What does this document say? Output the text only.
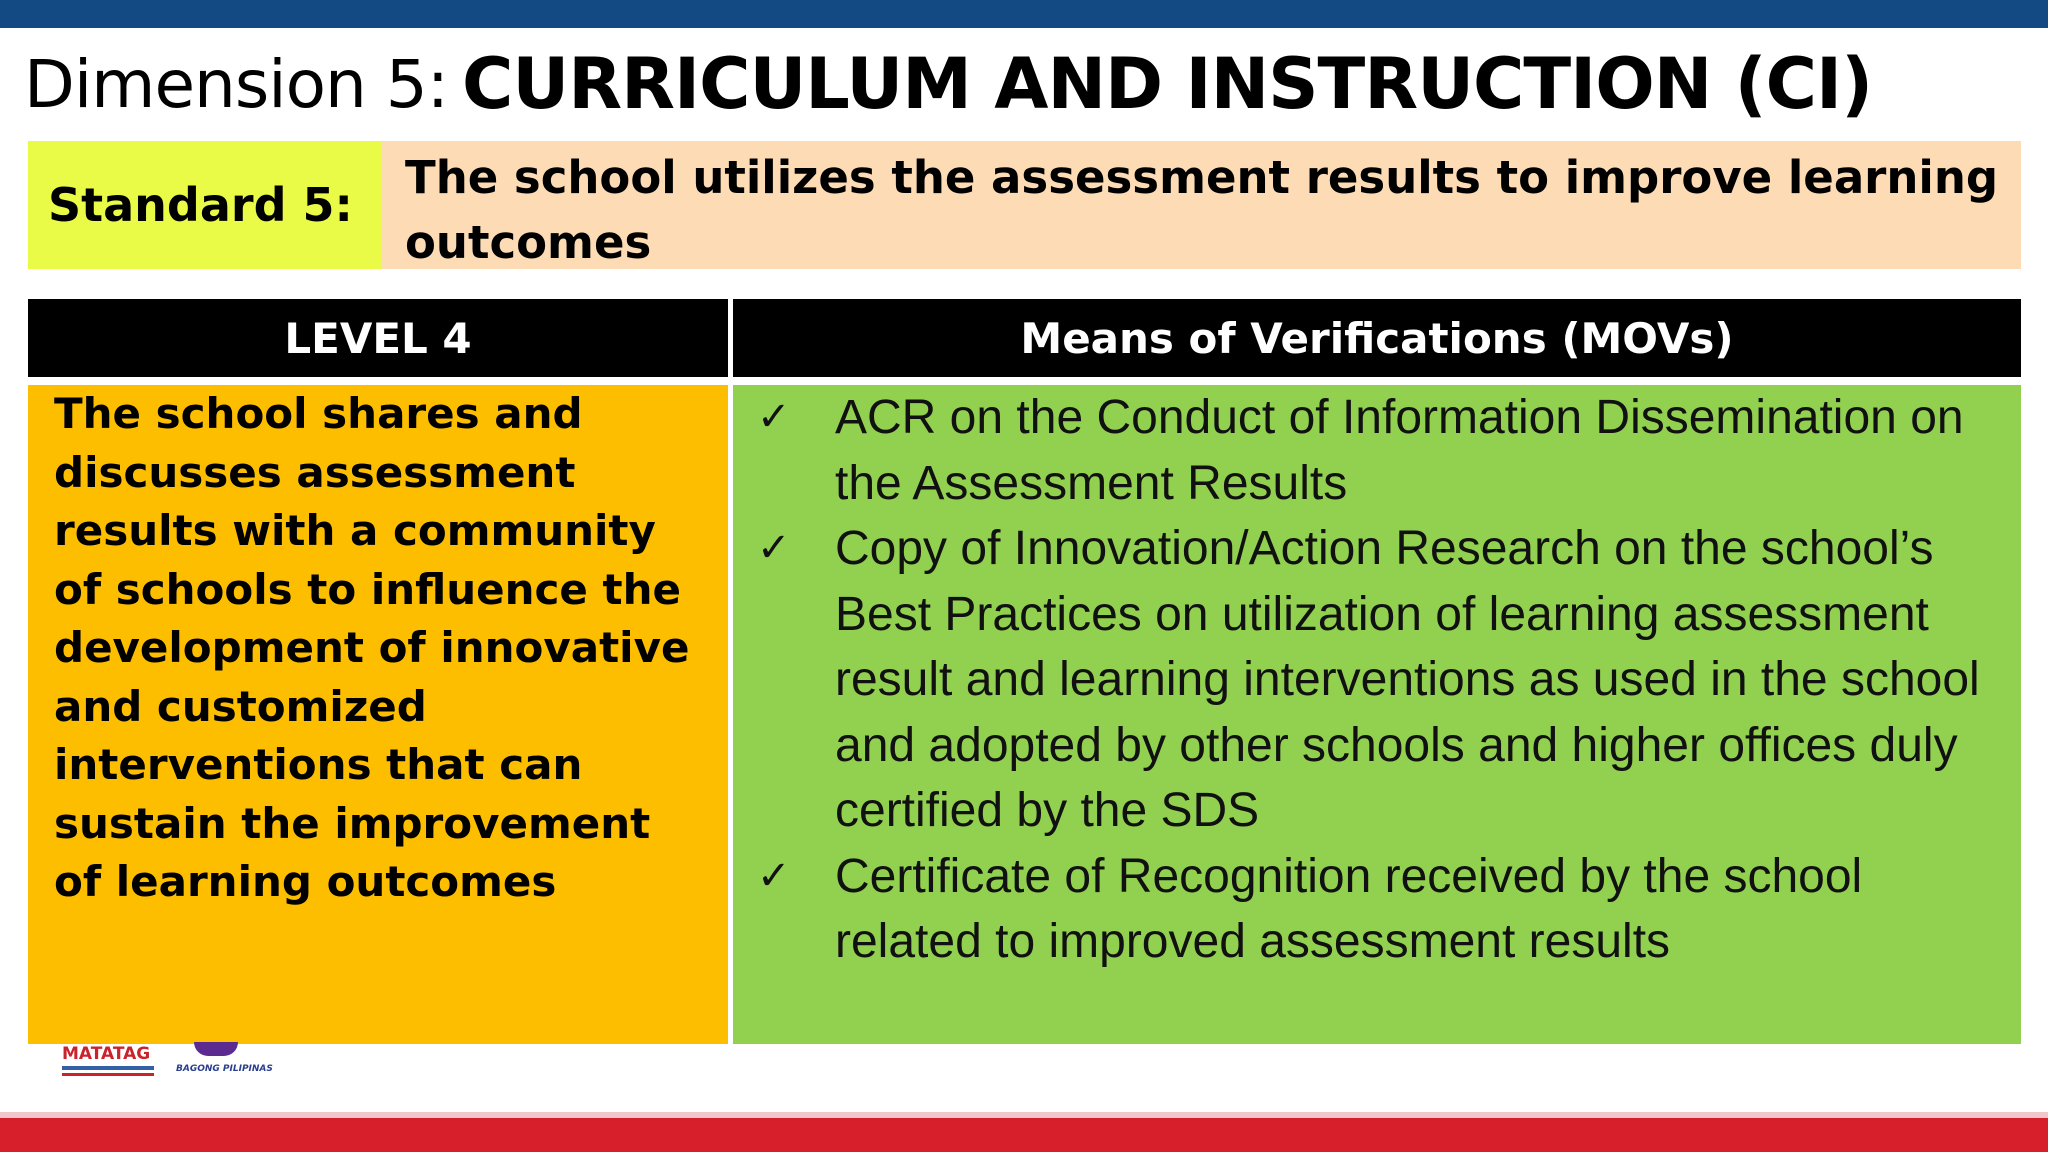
Dimension 5: CURRICULUM AND INSTRUCTION (CI)
Standard 5:
The school utilizes the assessment results to improve learning outcomes
LEVEL 4	Means of Verifications (MOVs)
The school shares and discusses assessment results with a community of schools to influence the development of innovative and customized interventions that can sustain the improvement of learning outcomes
✓ ACR on the Conduct of Information Dissemination on the Assessment Results
✓ Copy of Innovation/Action Research on the school’s Best Practices on utilization of learning assessment result and learning interventions as used in the school and adopted by other schools and higher offices duly certified by the SDS
✓ Certificate of Recognition received by the school related to improved assessment results
MATATAG
BAGONG PILIPINAS
